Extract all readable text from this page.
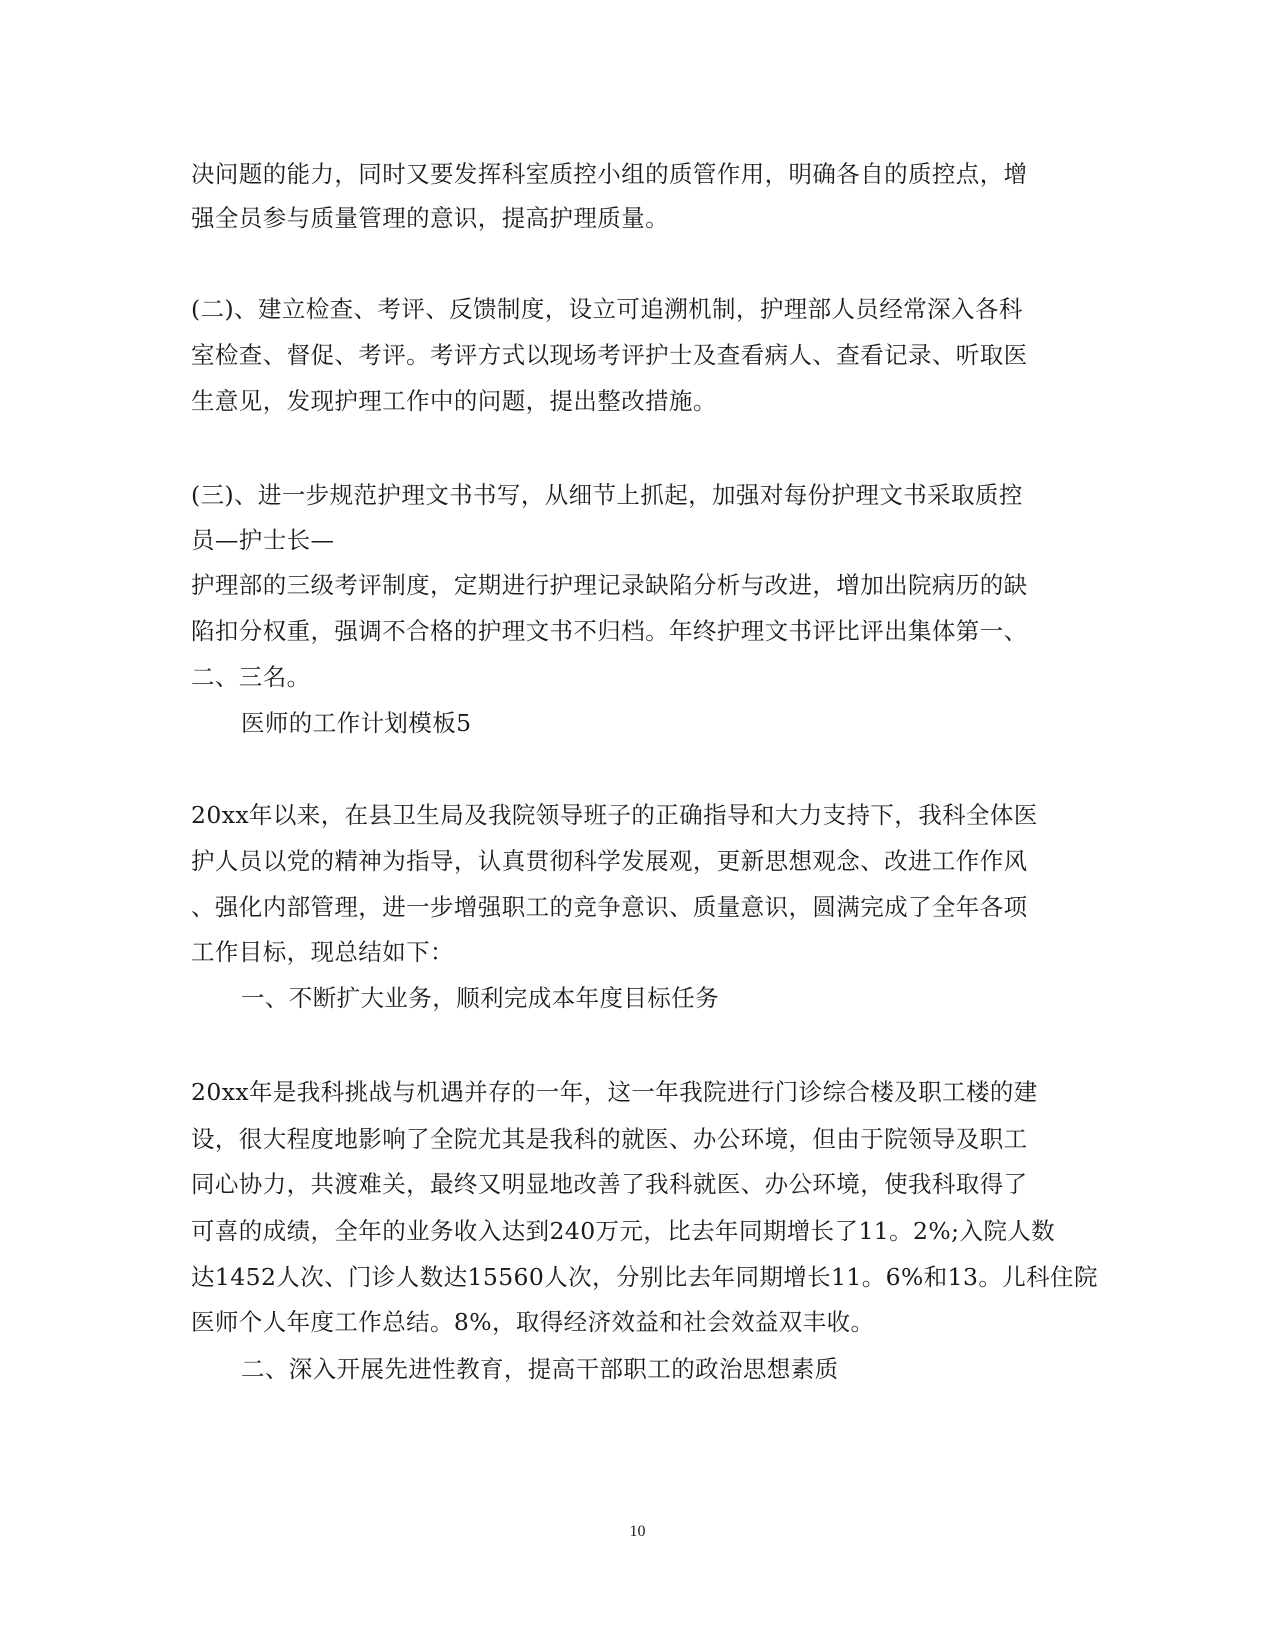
决问题的能力，同时又要发挥科室质控小组的质管作用，明确各自的质控点，增
强全员参与质量管理的意识，提高护理质量。
(二)、建立检查、考评、反馈制度，设立可追溯机制，护理部人员经常深入各科
室检查、督促、考评。考评方式以现场考评护士及查看病人、查看记录、听取医
生意见，发现护理工作中的问题，提出整改措施。
(三)、进一步规范护理文书书写，从细节上抓起，加强对每份护理文书采取质控
员—护士长—
护理部的三级考评制度，定期进行护理记录缺陷分析与改进，增加出院病历的缺
陷扣分权重，强调不合格的护理文书不归档。年终护理文书评比评出集体第一、
二、三名。
医师的工作计划模板5
20xx年以来，在县卫生局及我院领导班子的正确指导和大力支持下，我科全体医
护人员以党的精神为指导，认真贯彻科学发展观，更新思想观念、改进工作作风
、强化内部管理，进一步增强职工的竞争意识、质量意识，圆满完成了全年各项
工作目标，现总结如下：
一、不断扩大业务，顺利完成本年度目标任务
20xx年是我科挑战与机遇并存的一年，这一年我院进行门诊综合楼及职工楼的建
设，很大程度地影响了全院尤其是我科的就医、办公环境，但由于院领导及职工
同心协力，共渡难关，最终又明显地改善了我科就医、办公环境，使我科取得了
可喜的成绩，全年的业务收入达到240万元，比去年同期增长了11。2%;入院人数
达1452人次、门诊人数达15560人次，分别比去年同期增长11。6%和13。儿科住院
医师个人年度工作总结。8%，取得经济效益和社会效益双丰收。
二、深入开展先进性教育，提高干部职工的政治思想素质
10
